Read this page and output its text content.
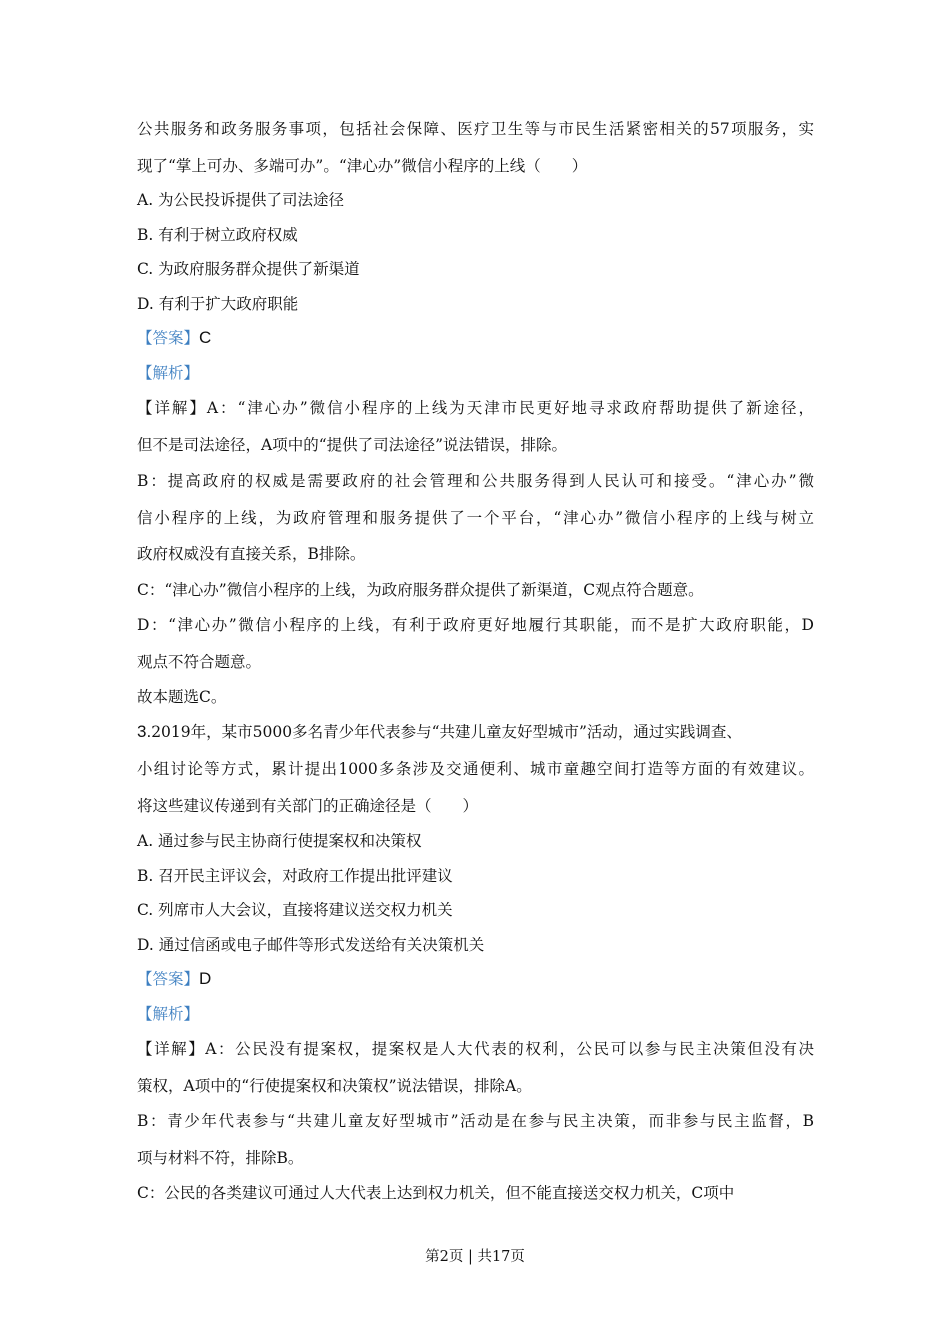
公共服务和政务服务事项，包括社会保障、医疗卫生等与市民生活紧密相关的57项服务，实
现了“掌上可办、多端可办”。“津心办”微信小程序的上线（　　）
A. 为公民投诉提供了司法途径
B. 有利于树立政府权威
C. 为政府服务群众提供了新渠道
D. 有利于扩大政府职能
【答案】C
【解析】
【详解】A：“津心办”微信小程序的上线为天津市民更好地寻求政府帮助提供了新途径，
但不是司法途径，A项中的“提供了司法途径”说法错误，排除。
B：提高政府的权威是需要政府的社会管理和公共服务得到人民认可和接受。“津心办”微
信小程序的上线，为政府管理和服务提供了一个平台，“津心办”微信小程序的上线与树立
政府权威没有直接关系，B排除。
C：“津心办”微信小程序的上线，为政府服务群众提供了新渠道，C观点符合题意。
D：“津心办”微信小程序的上线，有利于政府更好地履行其职能，而不是扩大政府职能，D
观点不符合题意。
故本题选C。
3.2019年，某市5000多名青少年代表参与“共建儿童友好型城市”活动，通过实践调查、
小组讨论等方式，累计提出1000多条涉及交通便利、城市童趣空间打造等方面的有效建议。
将这些建议传递到有关部门的正确途径是（　　）
A. 通过参与民主协商行使提案权和决策权
B. 召开民主评议会，对政府工作提出批评建议
C. 列席市人大会议，直接将建议送交权力机关
D. 通过信函或电子邮件等形式发送给有关决策机关
【答案】D
【解析】
【详解】A：公民没有提案权，提案权是人大代表的权利，公民可以参与民主决策但没有决
策权，A项中的“行使提案权和决策权”说法错误，排除A。
B：青少年代表参与“共建儿童友好型城市”活动是在参与民主决策，而非参与民主监督，B
项与材料不符，排除B。
C：公民的各类建议可通过人大代表上达到权力机关，但不能直接送交权力机关，C项中
第2页 | 共17页
